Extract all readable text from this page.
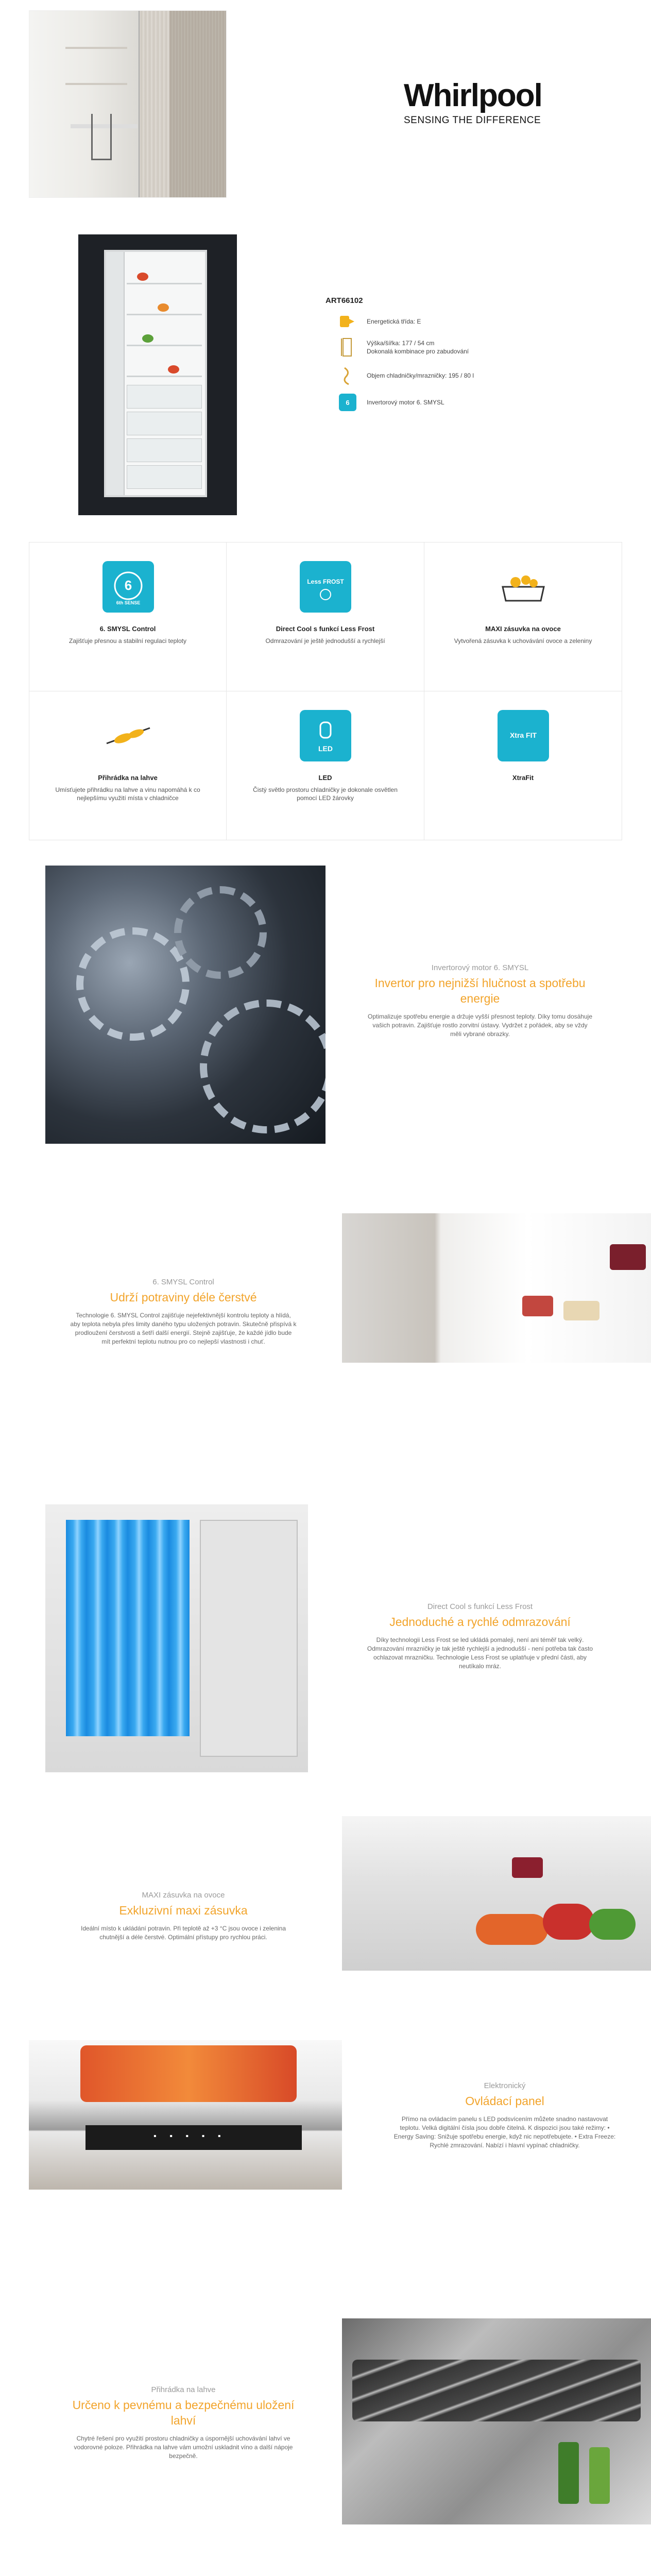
Whirlpool
SENSING THE DIFFERENCE
ART66102
Energetická třída: E
Výška/šířka: 177 / 54 cm
Dokonalá kombinace pro zabudování
Objem chladničky/mrazničky: 195 / 80 l
6	Invertorový motor 6. SMYSL
6
6th SENSE
6. SMYSL Control
Zajišťuje přesnou a stabilní regulaci teploty
Less FROST
Direct Cool s funkcí Less Frost
Odmrazování je ještě jednodušší a rychlejší
MAXI zásuvka na ovoce
Vytvořená zásuvka k uchovávání ovoce a zeleniny
Přihrádka na lahve
Umísťujete přihrádku na lahve a vinu napomáhá k co nejlepšímu využití místa v chladničce
LED
LED
Čistý světlo prostoru chladničky je dokonale osvětlen pomocí LED žárovky
Xtra FIT
XtraFit
Invertorový motor 6. SMYSL
Invertor pro nejnižší hlučnost a spotřebu energie
Optimalizuje spotřebu energie a držuje vyšší přesnost teploty. Díky tomu dosáhuje vašich potravin. Zajišťuje rostlo zorvitní ústavy. Vydržet z pořádek, aby se vždy měli vybrané obrazky.
6. SMYSL Control
Udrží potraviny déle čerstvé
Technologie 6. SMYSL Control zajišťuje nejefektivnější kontrolu teploty a hlídá, aby teplota nebyla přes limity daného typu uložených potravin. Skutečně přispívá k prodloužení čerstvosti a šetří další energií. Stejně zajišťuje, že každé jídlo bude mít perfektní teplotu nutnou pro co nejlepší vlastnosti i chuť.
Direct Cool s funkcí Less Frost
Jednoduché a rychlé odmrazování
Díky technologii Less Frost se led ukládá pomaleji, není ani téměř tak velký. Odmrazování mrazničky je tak ještě rychlejší a jednodušší - není potřeba tak často ochlazovat mrazničku. Technologie Less Frost se uplatňuje v přední části, aby neutíkalo mráz.
MAXI zásuvka na ovoce
Exkluzivní maxi zásuvka
Ideální místo k ukládání potravin. Při teplotě až +3 °C jsou ovoce i zelenina chutnější a déle čerstvé. Optimální přístupy pro rychlou práci.
▪ ▪ ▪ ▪ ▪
Elektronický
Ovládací panel
Přímo na ovládacím panelu s LED podsvícením můžete snadno nastavovat teplotu. Velká digitální čísla jsou dobře čitelná. K dispozici jsou také režimy: • Energy Saving: Snižuje spotřebu energie, když nic nepotřebujete. • Extra Freeze: Rychlé zmrazování. Nabízí i hlavní vypínač chladničky.
Přihrádka na lahve
Určeno k pevnému a bezpečnému uložení lahví
Chytré řešení pro využití prostoru chladničky a úspornější uchovávání lahví ve vodorovné poloze. Přihrádka na lahve vám umožní uskladnit víno a další nápoje bezpečně.
